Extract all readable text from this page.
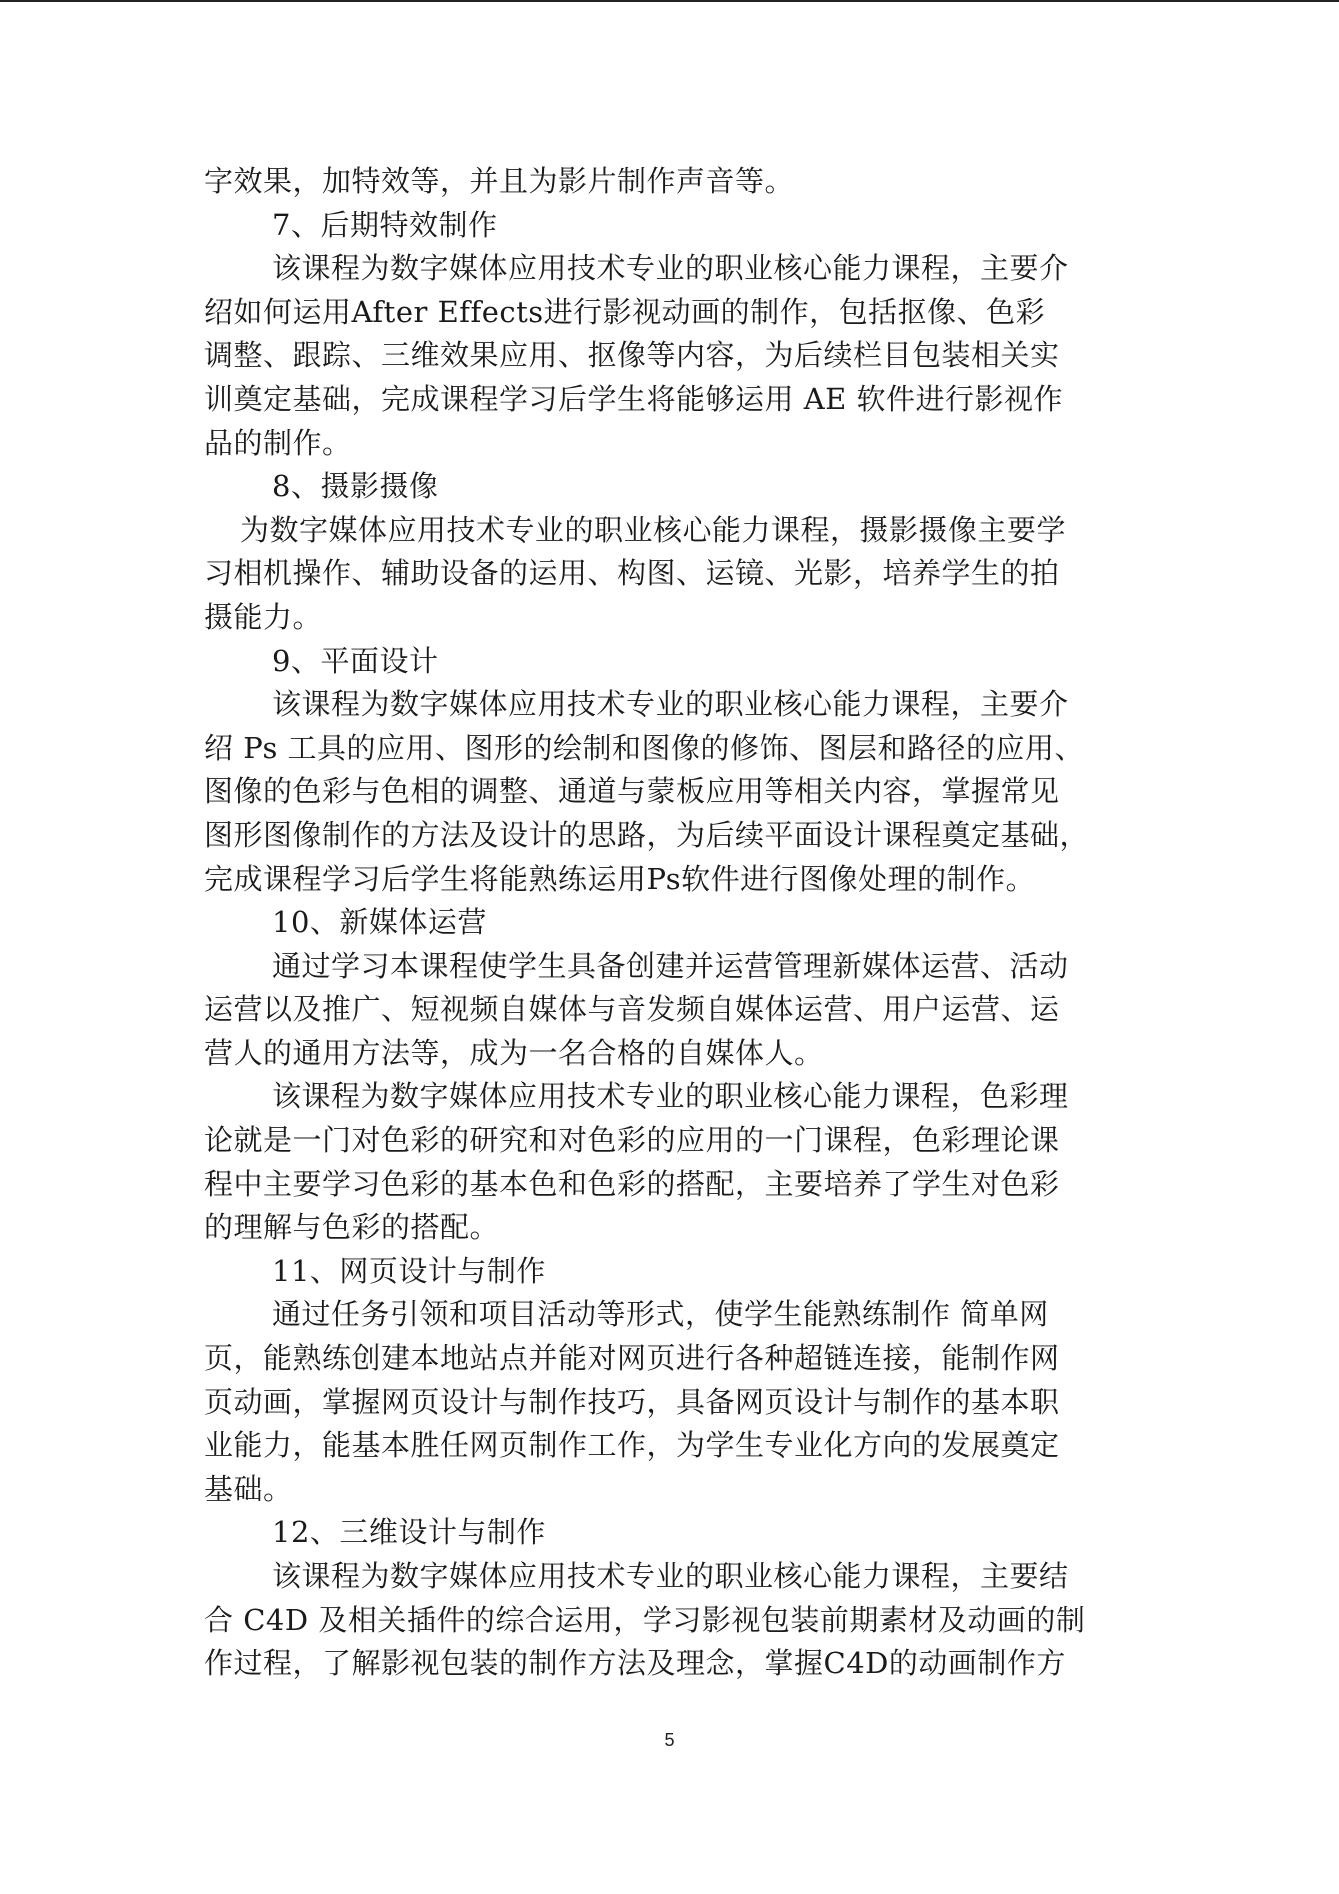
字效果，加特效等，并且为影片制作声音等。
7、后期特效制作
该课程为数字媒体应用技术专业的职业核心能力课程，主要介
绍如何运用After Effects进行影视动画的制作，包括抠像、色彩
调整、跟踪、三维效果应用、抠像等内容，为后续栏目包装相关实
训奠定基础，完成课程学习后学生将能够运用 AE 软件进行影视作
品的制作。
8、摄影摄像
为数字媒体应用技术专业的职业核心能力课程，摄影摄像主要学
习相机操作、辅助设备的运用、构图、运镜、光影，培养学生的拍
摄能力。
9、平面设计
该课程为数字媒体应用技术专业的职业核心能力课程，主要介
绍 Ps 工具的应用、图形的绘制和图像的修饰、图层和路径的应用、
图像的色彩与色相的调整、通道与蒙板应用等相关内容，掌握常见
图形图像制作的方法及设计的思路，为后续平面设计课程奠定基础，
完成课程学习后学生将能熟练运用Ps软件进行图像处理的制作。
10、新媒体运营
通过学习本课程使学生具备创建并运营管理新媒体运营、活动
运营以及推广、短视频自媒体与音发频自媒体运营、用户运营、运
营人的通用方法等，成为一名合格的自媒体人。
该课程为数字媒体应用技术专业的职业核心能力课程，色彩理
论就是一门对色彩的研究和对色彩的应用的一门课程，色彩理论课
程中主要学习色彩的基本色和色彩的搭配，主要培养了学生对色彩
的理解与色彩的搭配。
11、网页设计与制作
通过任务引领和项目活动等形式，使学生能熟练制作 简单网
页，能熟练创建本地站点并能对网页进行各种超链连接，能制作网
页动画，掌握网页设计与制作技巧，具备网页设计与制作的基本职
业能力，能基本胜任网页制作工作，为学生专业化方向的发展奠定
基础。
12、三维设计与制作
该课程为数字媒体应用技术专业的职业核心能力课程，主要结
合 C4D 及相关插件的综合运用，学习影视包装前期素材及动画的制
作过程，了解影视包装的制作方法及理念，掌握C4D的动画制作方
5
